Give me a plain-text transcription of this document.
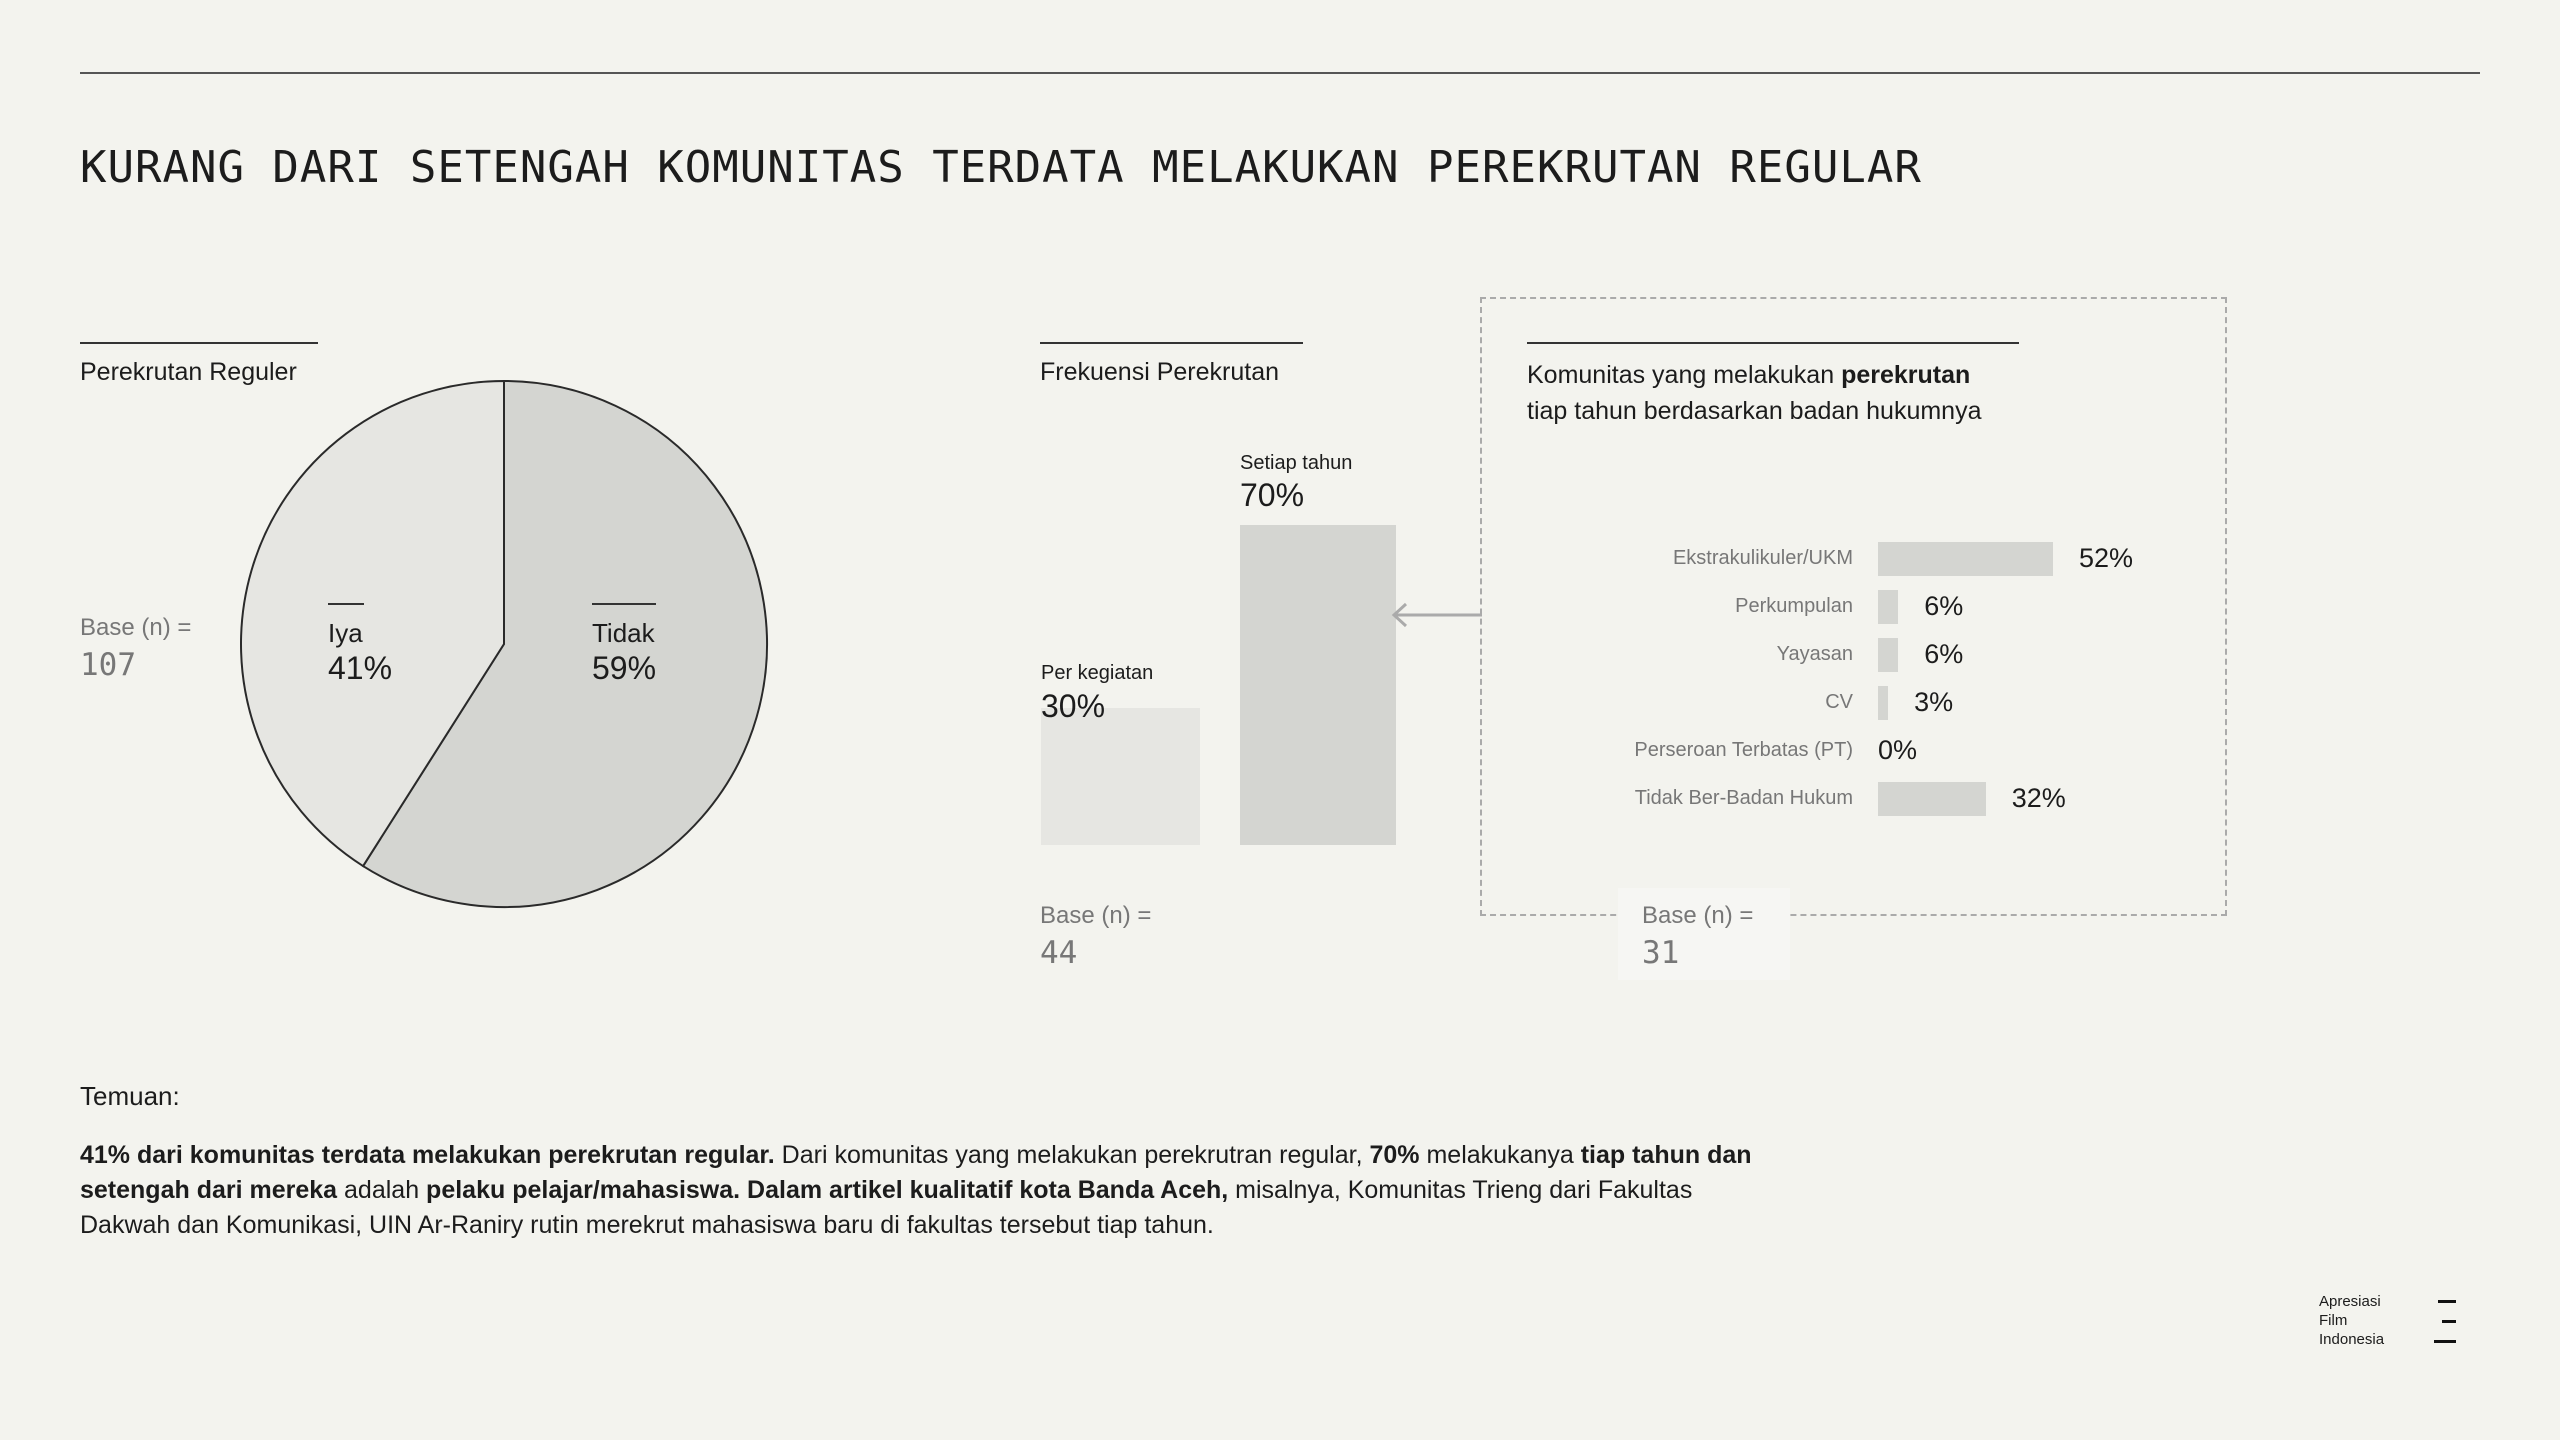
KURANG DARI SETENGAH KOMUNITAS TERDATA MELAKUKAN PEREKRUTAN REGULAR
Perekrutan Reguler
Base (n) =
107
Iya
41%
Tidak
59%
Frekuensi Perekrutan
Per kegiatan
30%
Setiap tahun
70%
Base (n) =
44
Komunitas yang melakukan perekrutan
tiap tahun berdasarkan badan hukumnya
Ekstrakulikuler/UKM	52%
Perkumpulan	6%
Yayasan	6%
CV 3%
Perseroan Terbatas (PT) 0%
Tidak Ber-Badan Hukum	32%
Base (n) =
31
Temuan:

41% dari komunitas terdata melakukan perekrutan regular. Dari komunitas yang melakukan perekrutran regular, 70% melakukanya tiap tahun dan setengah dari mereka adalah pelaku pelajar/mahasiswa. Dalam artikel kualitatif kota Banda Aceh, misalnya, Komunitas Trieng dari Fakultas Dakwah dan Komunikasi, UIN Ar-Raniry rutin merekrut mahasiswa baru di fakultas tersebut tiap tahun.

Apresiasi
Film
Indonesia
